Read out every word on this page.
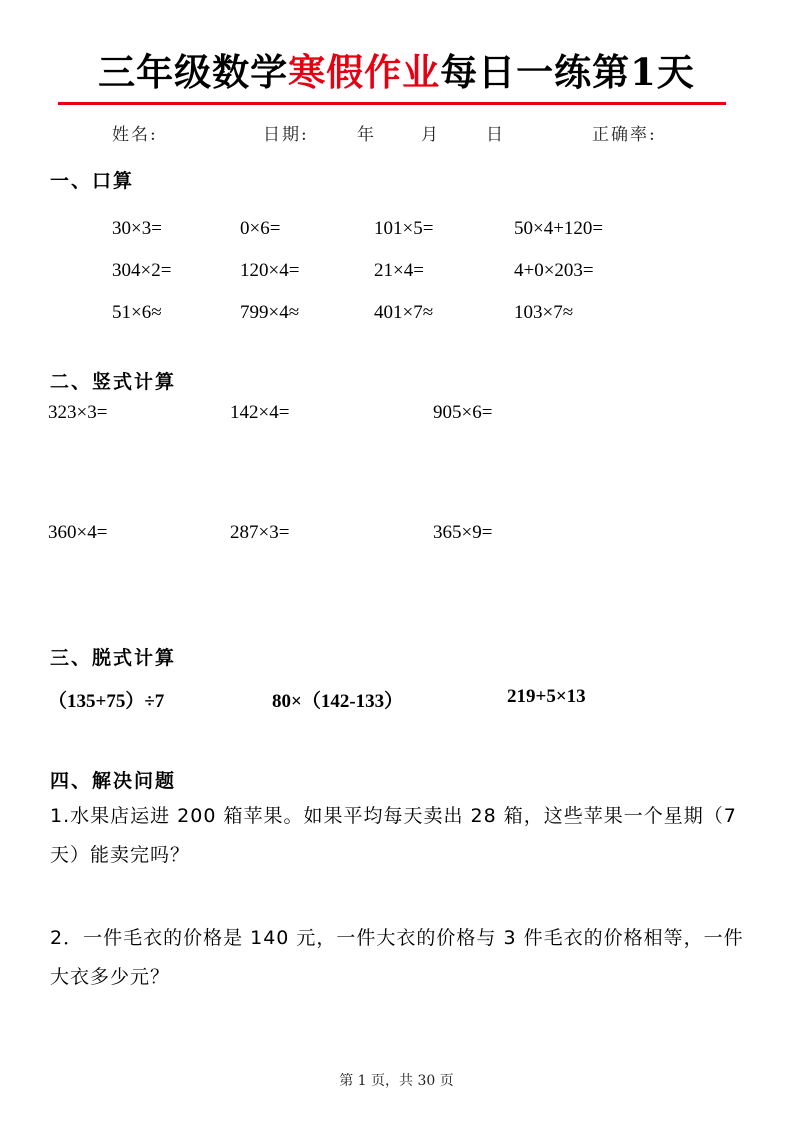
三年级数学寒假作业每日一练第1天
姓名:	日期:	年	月	日	正确率:
一、口算
30×3=	0×6=	101×5=	50×4+120=
304×2=	120×4=	21×4=	4+0×203=
51×6≈	799×4≈	401×7≈	103×7≈
二、竖式计算
323×3=	142×4=	905×6=
360×4=	287×3=	365×9=
三、脱式计算
（135+75）÷7	80×（142-133）	219+5×13
四、解决问题
1.水果店运进 200 箱苹果。如果平均每天卖出 28 箱，这些苹果一个星期（7 天）能卖完吗？
2．一件毛衣的价格是 140 元，一件大衣的价格与 3 件毛衣的价格相等，一件大衣多少元？
第 1 页，共 30 页
